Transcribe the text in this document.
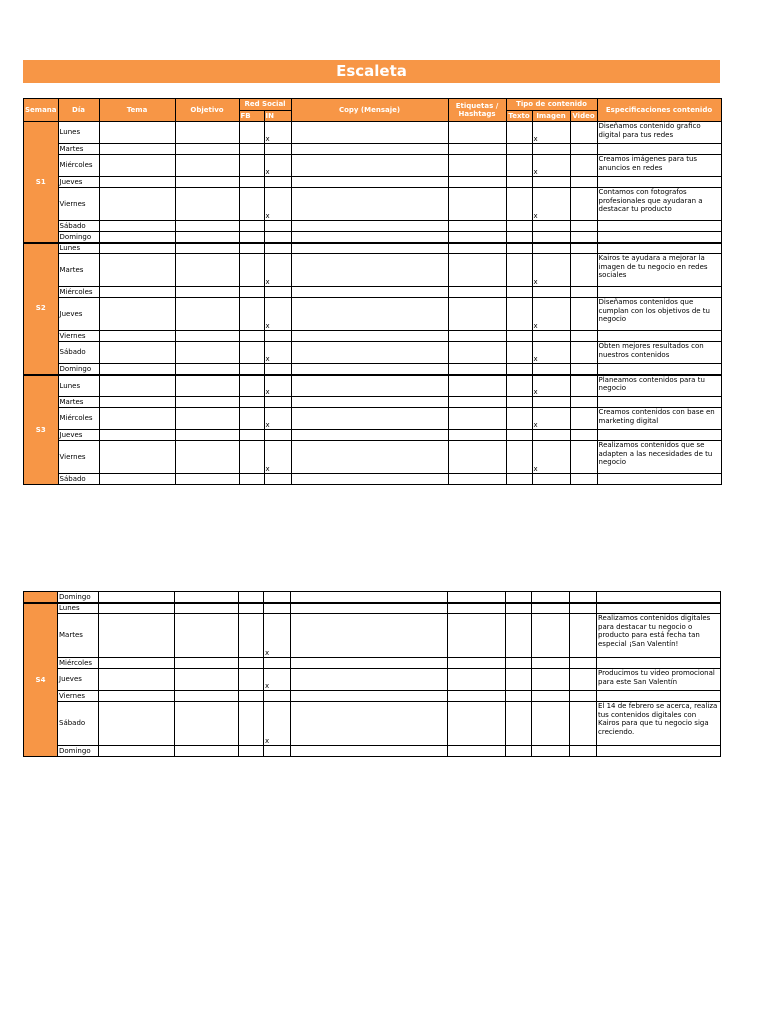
Escaleta
Semana	Día	Tema	Objetivo	Red Social		Copy (Mensaje)	Etiquetas /
Hashtags	Tipo de contenido			Especificaciones contenido
				FB	IN			Texto	Imagen	Video	
S1	Lunes				x				x		Diseñamos contenido grafico digital para tus redes
	Martes										
	Miércoles				x				x		Creamos imágenes para tus anuncios en redes
	Jueves										
	Viernes				x				x		Contamos con fotografos profesionales que ayudaran a destacar tu producto
	Sábado										
	Domingo										
S2	Lunes										
	Martes				x				x		Kairos te ayudara a mejorar la imagen de tu negocio en redes sociales
	Miércoles										
	Jueves				x				x		Diseñamos contenidos que cumplan con los objetivos de tu negocio
	Viernes										
	Sábado				x				x		Obten mejores resultados con nuestros contenidos
	Domingo										
S3	Lunes				x				x		Planeamos contenidos para tu negocio
	Martes										
	Miércoles				x				x		Creamos contenidos con base en marketing digital
	Jueves										
	Viernes				x				x		Realizamos contenidos que se adapten a las necesidades de tu negocio
	Sábado										
	Domingo										
S4	Lunes										
	Martes				x						Realizamos contenidos digitales para destacar tu negocio o producto para está fecha tan especial ¡San Valentín!
	Miércoles										
	Jueves				x						Producimos tu video promocional para este San Valentín
	Viernes										
	Sábado				x						El 14 de febrero se acerca, realiza tus contenidos digitales con Kairos para que tu negocio siga creciendo.
	Domingo										
